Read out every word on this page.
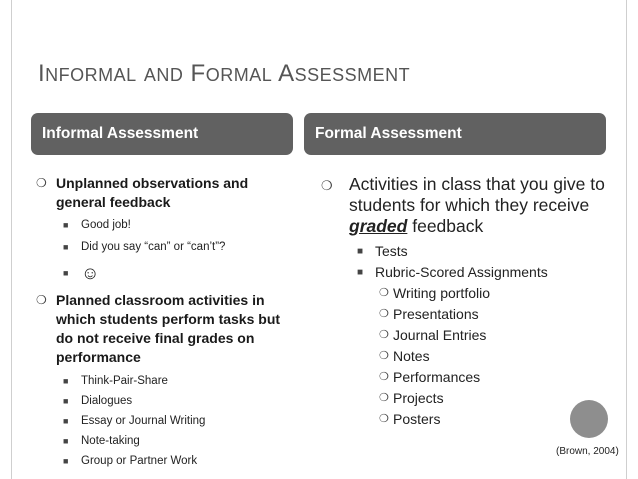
INFORMAL AND FORMAL ASSESSMENT
Informal Assessment	Formal Assessment
❍ Unplanned observations and general feedback
■ Good job!
■ Did you say “can” or “can’t”?
■ ☺
❍ Planned classroom activities in which students perform tasks but do not receive final grades on performance
■ Think-Pair-Share
■ Dialogues
■ Essay or Journal Writing
■ Note-taking
■ Group or Partner Work
❍ Activities in class that you give to students for which they receive graded feedback
■ Tests
■ Rubric-Scored Assignments
❍ Writing portfolio
❍ Presentations
❍ Journal Entries
❍ Notes
❍ Performances
❍ Projects
❍ Posters
(Brown, 2004)
